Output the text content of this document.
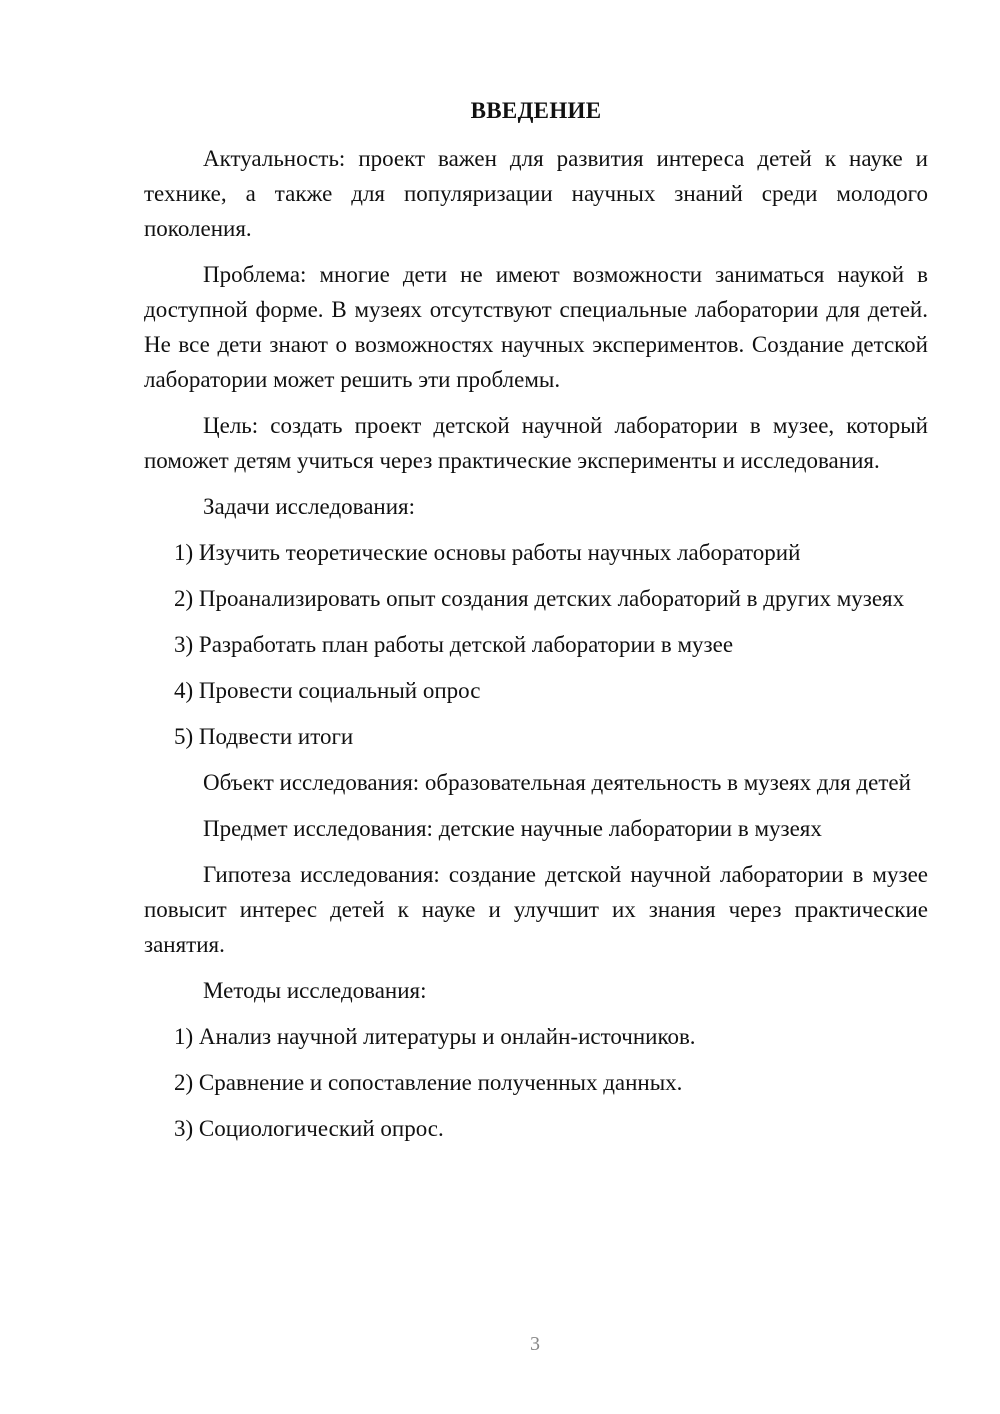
ВВЕДЕНИЕ

Актуальность: проект важен для развития интереса детей к науке и технике, а также для популяризации научных знаний среди молодого поколения.

Проблема: многие дети не имеют возможности заниматься наукой в доступной форме. В музеях отсутствуют специальные лаборатории для детей. Не все дети знают о возможностях научных экспериментов. Создание детской лаборатории может решить эти проблемы.

Цель: создать проект детской научной лаборатории в музее, который поможет детям учиться через практические эксперименты и исследования.

Задачи исследования:

1) Изучить теоретические основы работы научных лабораторий

2) Проанализировать опыт создания детских лабораторий в других музеях

3) Разработать план работы детской лаборатории в музее

4) Провести социальный опрос

5) Подвести итоги

Объект исследования: образовательная деятельность в музеях для детей

Предмет исследования: детские научные лаборатории в музеях

Гипотеза исследования: создание детской научной лаборатории в музее повысит интерес детей к науке и улучшит их знания через практические занятия.

Методы исследования:

1) Анализ научной литературы и онлайн-источников.

2) Сравнение и сопоставление полученных данных.

3) Социологический опрос.

3
